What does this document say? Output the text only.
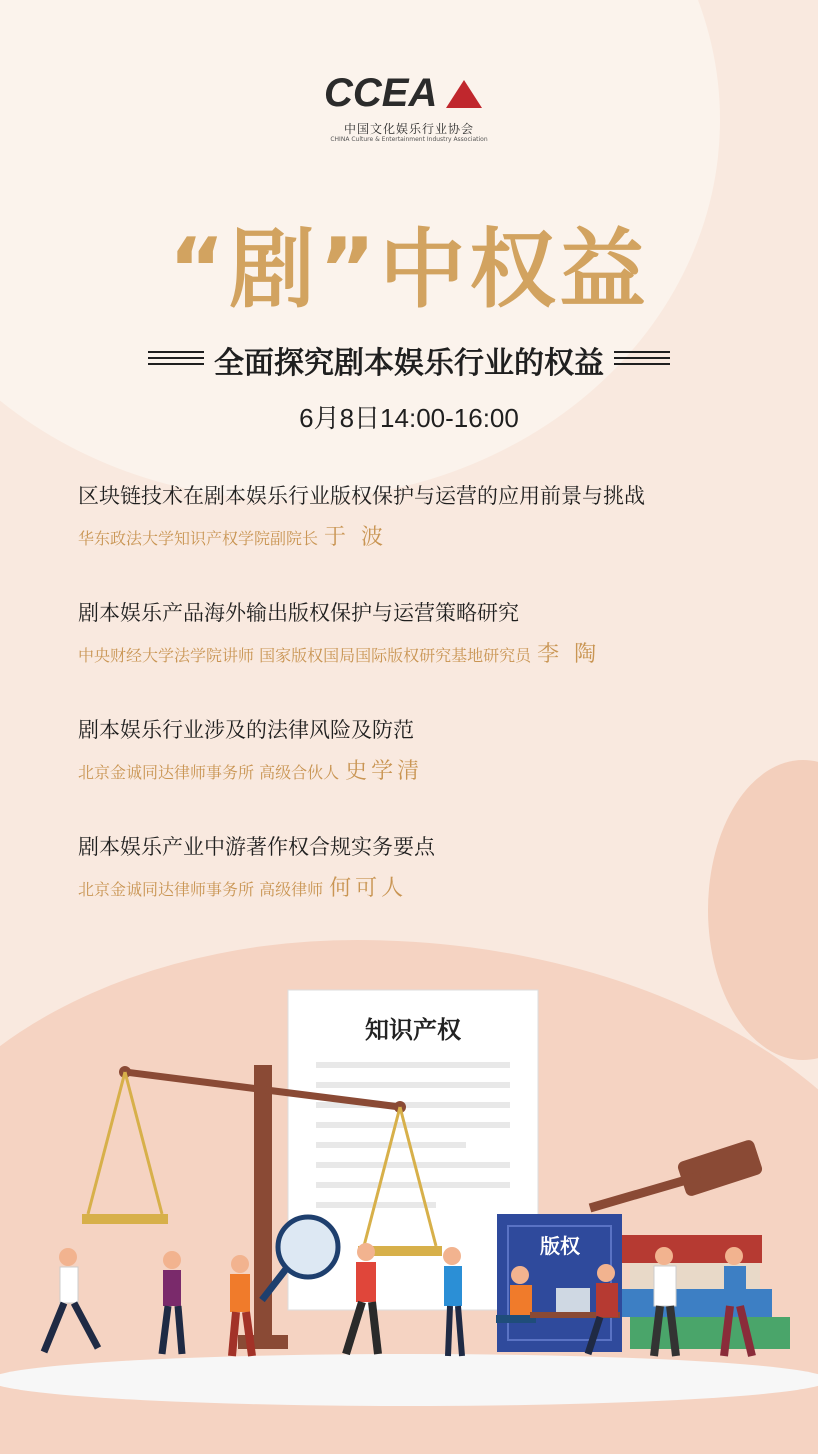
CCEA
中国文化娱乐行业协会
CHINA Culture & Entertainment Industry Association
“剧”中权益
全面探究剧本娱乐行业的权益
6月8日14:00-16:00
区块链技术在剧本娱乐行业版权保护与运营的应用前景与挑战
华东政法大学知识产权学院副院长 于 波
剧本娱乐产品海外输出版权保护与运营策略研究
中央财经大学法学院讲师 国家版权国局国际版权研究基地研究员 李 陶
剧本娱乐行业涉及的法律风险及防范
北京金诚同达律师事务所 高级合伙人 史学清
剧本娱乐产业中游著作权合规实务要点
北京金诚同达律师事务所 高级律师 何可人
知识产权
版权
